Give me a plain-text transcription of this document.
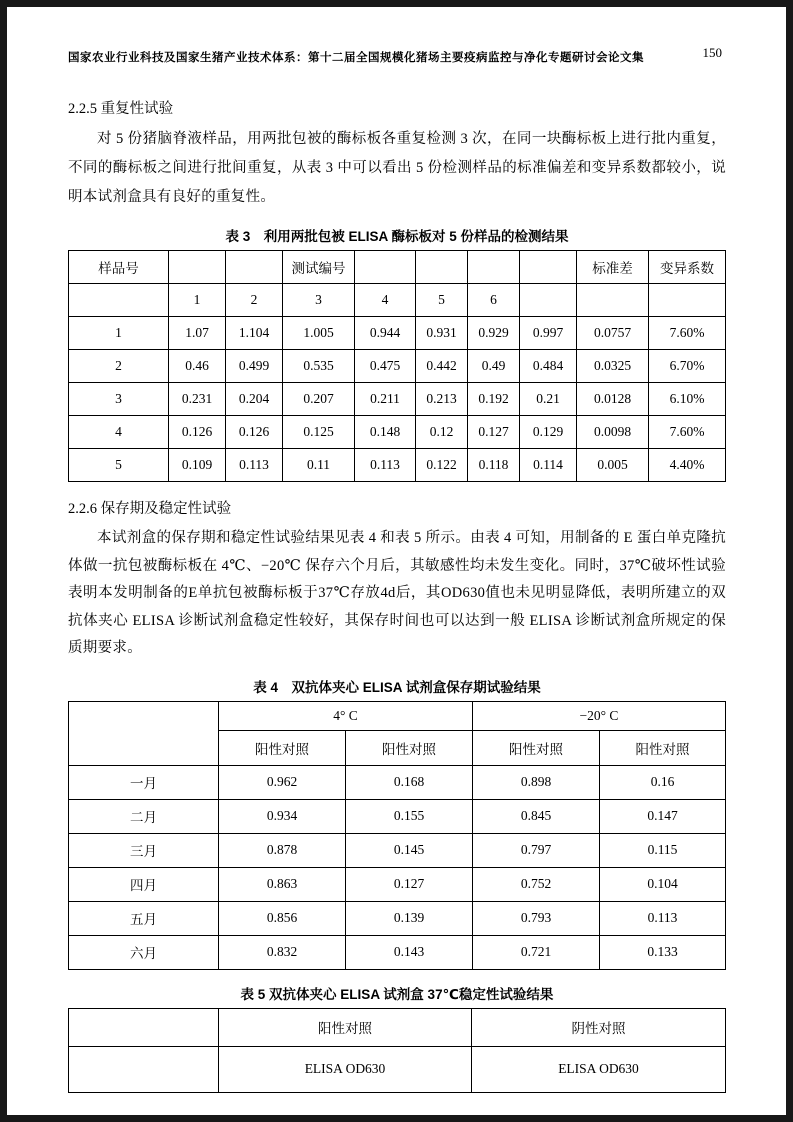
国家农业行业科技及国家生猪产业技术体系：第十二届全国规模化猪场主要疫病监控与净化专题研讨会论文集	150
2.2.5 重复性试验
对 5 份猪脑脊液样品，用两批包被的酶标板各重复检测 3 次，在同一块酶标板上进行批内重复，不同的酶标板之间进行批间重复，从表 3 中可以看出 5 份检测样品的标准偏差和变异系数都较小，说明本试剂盒具有良好的重复性。
表 3　利用两批包被 ELISA 酶标板对 5 份样品的检测结果
样品号			测试编号					标准差	变异系数
	1	2	3	4	5	6			
1	1.07	1.104	1.005	0.944	0.931	0.929	0.997	0.0757	7.60%
2	0.46	0.499	0.535	0.475	0.442	0.49	0.484	0.0325	6.70%
3	0.231	0.204	0.207	0.211	0.213	0.192	0.21	0.0128	6.10%
4	0.126	0.126	0.125	0.148	0.12	0.127	0.129	0.0098	7.60%
5	0.109	0.113	0.11	0.113	0.122	0.118	0.114	0.005	4.40%
2.2.6 保存期及稳定性试验
本试剂盒的保存期和稳定性试验结果见表 4 和表 5 所示。由表 4 可知，用制备的 E 蛋白单克隆抗体做一抗包被酶标板在 4℃、−20℃ 保存六个月后，其敏感性均未发生变化。同时，37℃破坏性试验表明本发明制备的E单抗包被酶标板于37℃存放4d后，其OD630值也未见明显降低，表明所建立的双抗体夹心 ELISA 诊断试剂盒稳定性较好，其保存时间也可以达到一般 ELISA 诊断试剂盒所规定的保质期要求。
表 4　双抗体夹心 ELISA 试剂盒保存期试验结果
	4° C		−20° C	
	阳性对照	阳性对照	阳性对照	阳性对照
一月	0.962	0.168	0.898	0.16
二月	0.934	0.155	0.845	0.147
三月	0.878	0.145	0.797	0.115
四月	0.863	0.127	0.752	0.104
五月	0.856	0.139	0.793	0.113
六月	0.832	0.143	0.721	0.133
表 5 双抗体夹心 ELISA 试剂盒 37℃稳定性试验结果
	阳性对照	阴性对照
	ELISA OD630	ELISA OD630
